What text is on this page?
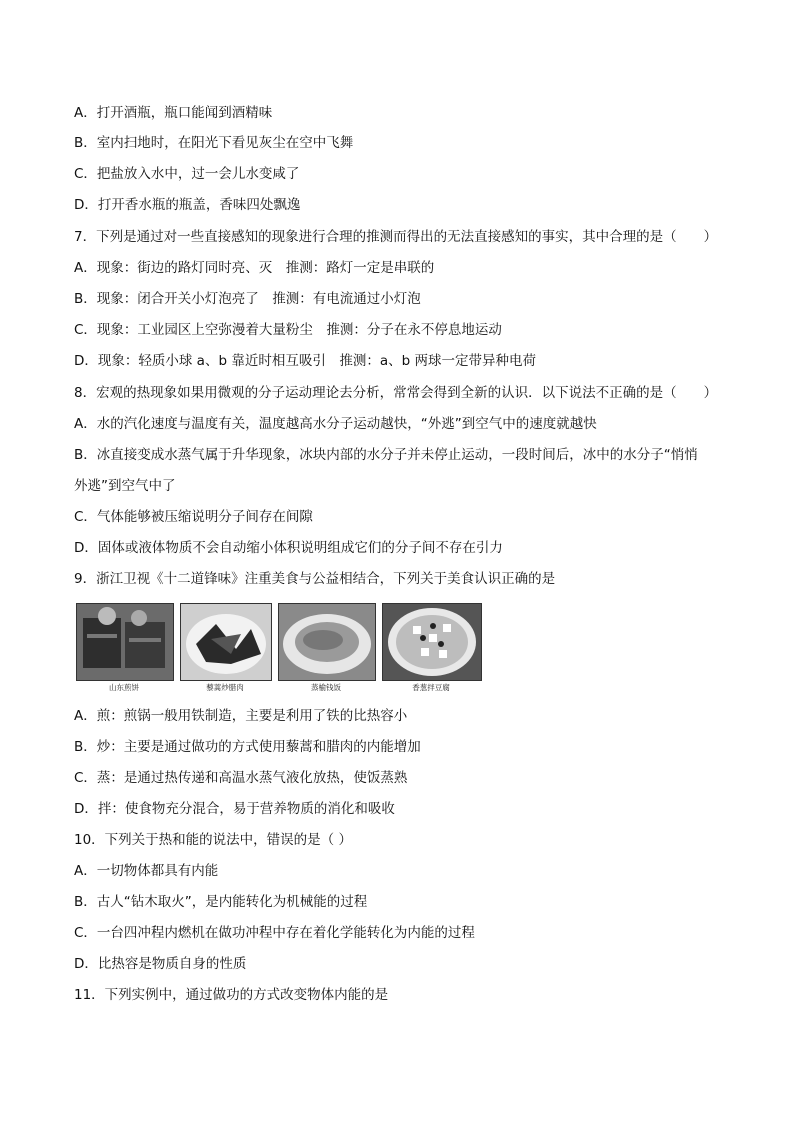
A．打开酒瓶，瓶口能闻到酒精味
B．室内扫地时，在阳光下看见灰尘在空中飞舞
C．把盐放入水中，过一会儿水变咸了
D．打开香水瓶的瓶盖，香味四处飘逸
7．下列是通过对一些直接感知的现象进行合理的推测而得出的无法直接感知的事实，其中合理的是（　　）
A．现象：街边的路灯同时亮、灭　推测：路灯一定是串联的
B．现象：闭合开关小灯泡亮了　推测：有电流通过小灯泡
C．现象：工业园区上空弥漫着大量粉尘　推测：分子在永不停息地运动
D．现象：轻质小球 a、b 靠近时相互吸引　推测：a、b 两球一定带异种电荷
8．宏观的热现象如果用微观的分子运动理论去分析，常常会得到全新的认识．以下说法不正确的是（　　）
A．水的汽化速度与温度有关，温度越高水分子运动越快，“外逃”到空气中的速度就越快
B．冰直接变成水蒸气属于升华现象，冰块内部的水分子并未停止运动，一段时间后，冰中的水分子“悄悄
外逃”到空气中了
C．气体能够被压缩说明分子间存在间隙
D．固体或液体物质不会自动缩小体积说明组成它们的分子间不存在引力
9．浙江卫视《十二道锋味》注重美食与公益相结合，下列关于美食认识正确的是
山东煎饼	藜蒿炒腊肉	蒸榆钱饭	香葱拌豆腐
A．煎：煎锅一般用铁制造，主要是利用了铁的比热容小
B．炒：主要是通过做功的方式使用藜蒿和腊肉的内能增加
C．蒸：是通过热传递和高温水蒸气液化放热，使饭蒸熟
D．拌：使食物充分混合，易于营养物质的消化和吸收
10．下列关于热和能的说法中，错误的是（ ）
A．一切物体都具有内能
B．古人“钻木取火”，是内能转化为机械能的过程
C．一台四冲程内燃机在做功冲程中存在着化学能转化为内能的过程
D．比热容是物质自身的性质
11．下列实例中，通过做功的方式改变物体内能的是
